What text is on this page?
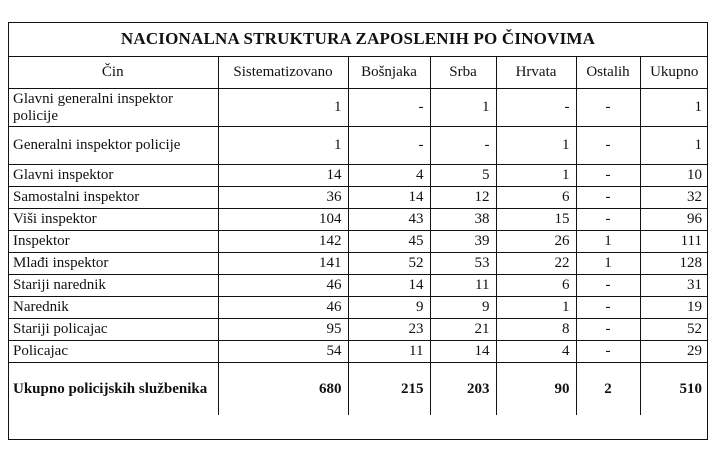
NACIONALNA STRUKTURA ZAPOSLENIH PO ČINOVIMA
Čin	Sistematizovano	Bošnjaka	Srba	Hrvata	Ostalih	Ukupno
Glavni generalni inspektor policije	1	-	1	-	-	1
Generalni inspektor policije	1	-	-	1	-	1
Glavni inspektor	14	4	5	1	-	10
Samostalni inspektor	36	14	12	6	-	32
Viši inspektor	104	43	38	15	-	96
Inspektor	142	45	39	26	1	111
Mlađi inspektor	141	52	53	22	1	128
Stariji narednik	46	14	11	6	-	31
Narednik	46	9	9	1	-	19
Stariji policajac	95	23	21	8	-	52
Policajac	54	11	14	4	-	29
Ukupno policijskih službenika	680	215	203	90	2	510
